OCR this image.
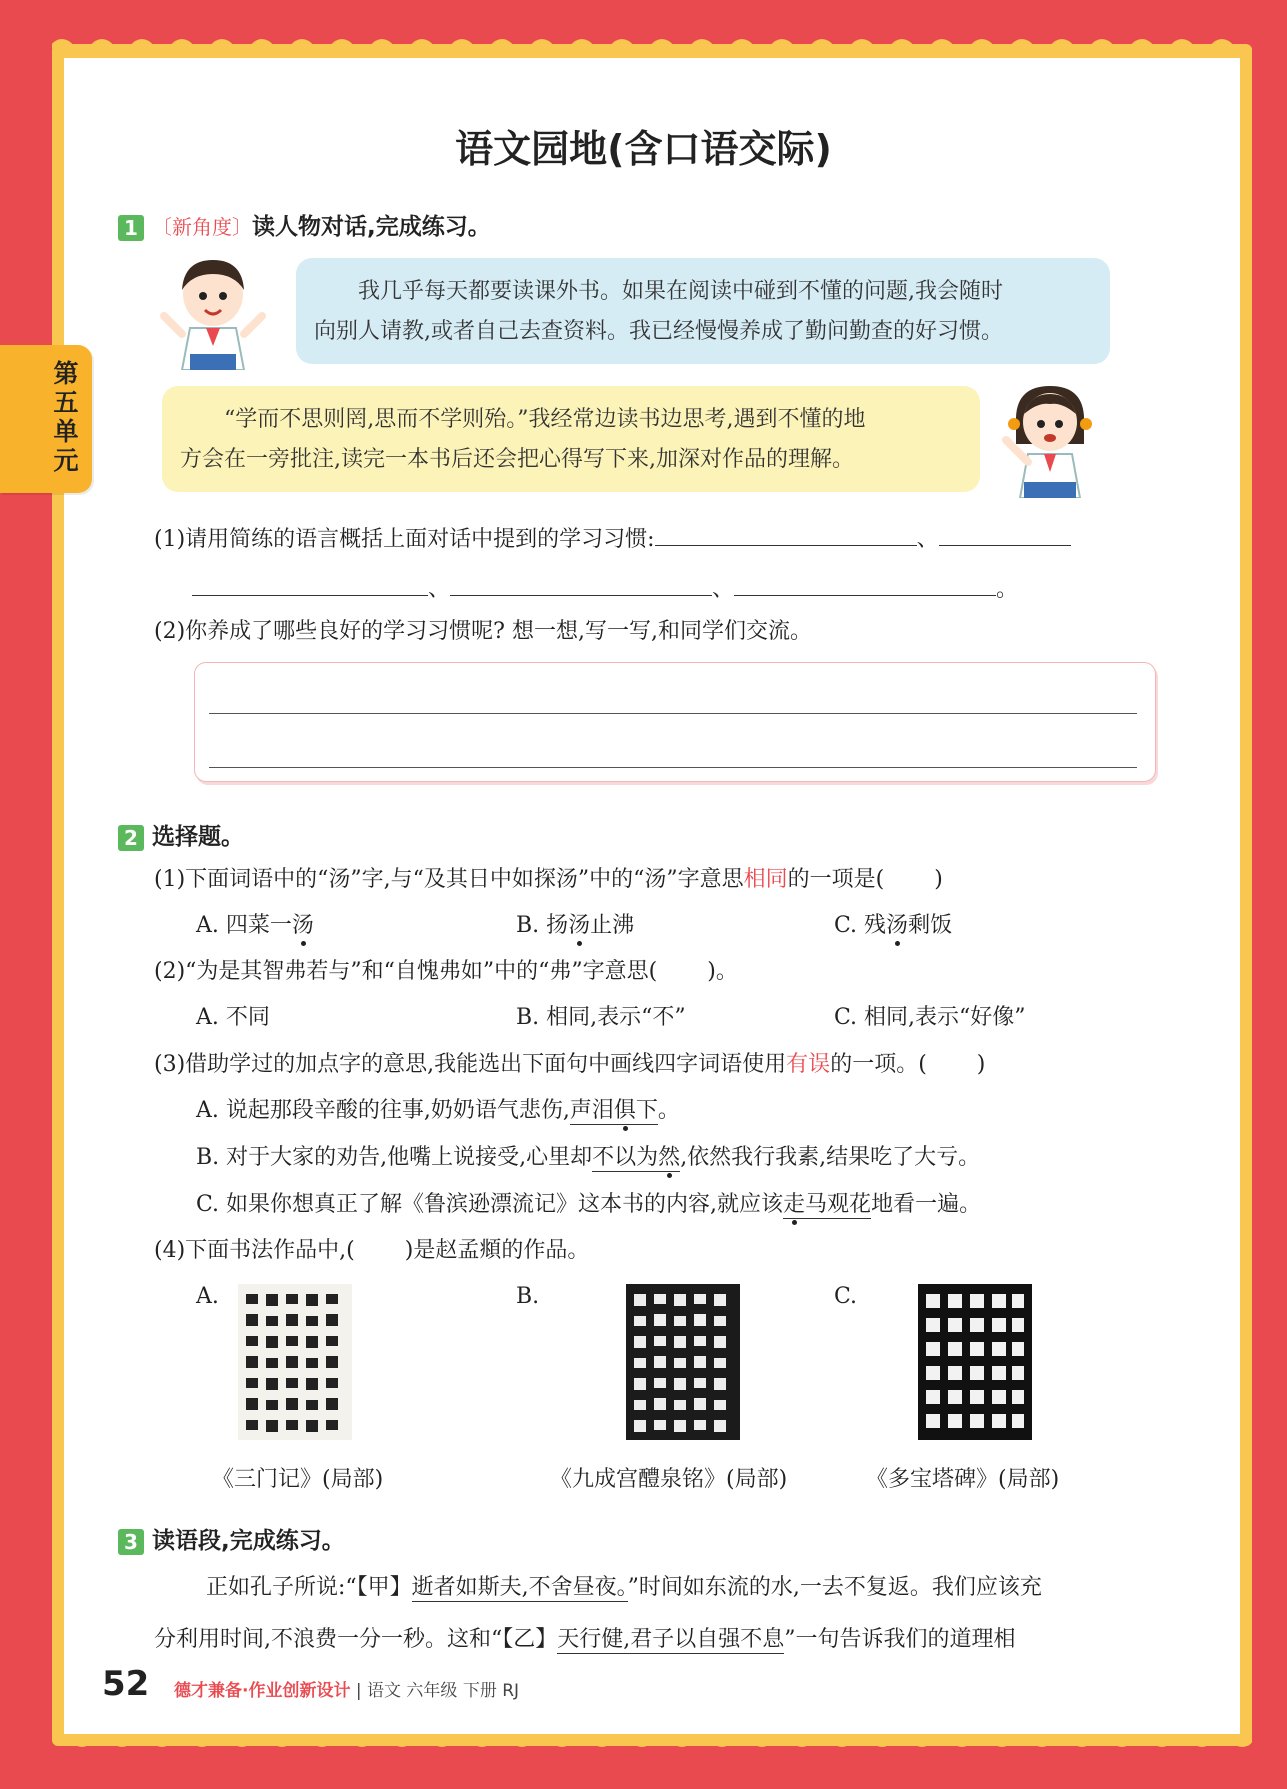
第五单元
语文园地(含口语交际)
1 〔新角度〕读人物对话,完成练习。
我几乎每天都要读课外书。如果在阅读中碰到不懂的问题,我会随时
向别人请教,或者自己去查资料。我已经慢慢养成了勤问勤查的好习惯。
“学而不思则罔,思而不学则殆。”我经常边读书边思考,遇到不懂的地
方会在一旁批注,读完一本书后还会把心得写下来,加深对作品的理解。
(1)请用简练的语言概括上面对话中提到的学习习惯:	、
、	、	。
(2)你养成了哪些良好的学习习惯呢? 想一想,写一写,和同学们交流。
2 选择题。
(1)下面词语中的“汤”字,与“及其日中如探汤”中的“汤”字意思相同的一项是( )
A. 四菜一汤	B. 扬汤止沸	C. 残汤剩饭
(2)“为是其智弗若与”和“自愧弗如”中的“弗”字意思( )。
A. 不同	B. 相同,表示“不”	C. 相同,表示“好像”
(3)借助学过的加点字的意思,我能选出下面句中画线四字词语使用有误的一项。( )
A. 说起那段辛酸的往事,奶奶语气悲伤,声泪俱下。
B. 对于大家的劝告,他嘴上说接受,心里却不以为然,依然我行我素,结果吃了大亏。
C. 如果你想真正了解《鲁滨逊漂流记》这本书的内容,就应该走马观花地看一遍。
(4)下面书法作品中,( )是赵孟頫的作品。
A.	B.	C.
《三门记》(局部)	《九成宫醴泉铭》(局部)	《多宝塔碑》(局部)
3 读语段,完成练习。
正如孔子所说:“【甲】逝者如斯夫,不舍昼夜。”时间如东流的水,一去不复返。我们应该充
分利用时间,不浪费一分一秒。这和“【乙】天行健,君子以自强不息”一句告诉我们的道理相
52 德才兼备·作业创新设计 | 语文 六年级 下册 RJ
